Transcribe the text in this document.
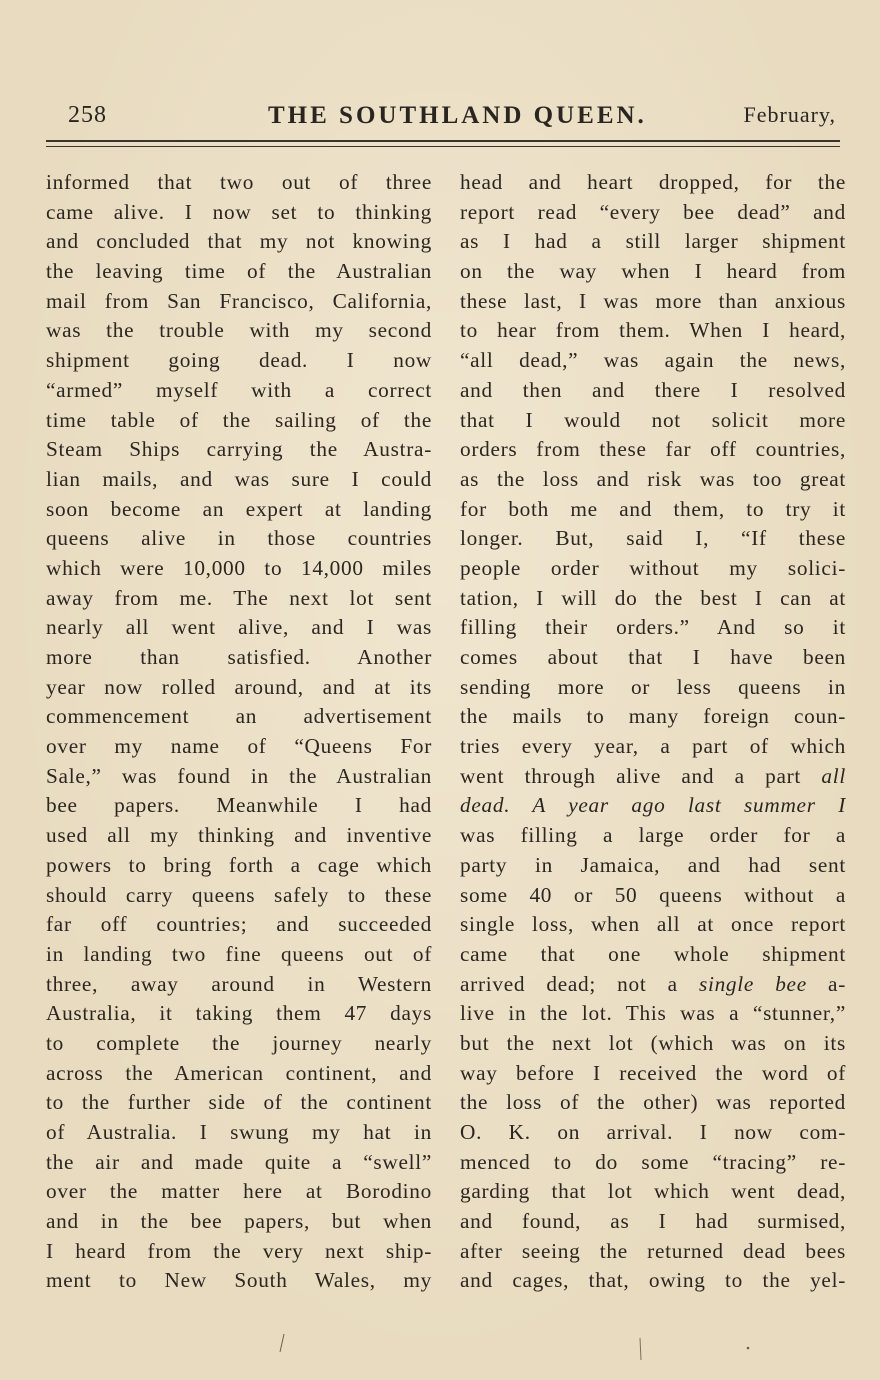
258	THE SOUTHLAND QUEEN.	February,
informed that two out of three
came alive. I now set to thinking
and concluded that my not knowing
the leaving time of the Australian
mail from San Francisco, California,
was the trouble with my second
shipment going dead. I now
“armed” myself with a correct
time table of the sailing of the
Steam Ships carrying the Austra-
lian mails, and was sure I could
soon become an expert at landing
queens alive in those countries
which were 10,000 to 14,000 miles
away from me. The next lot sent
nearly all went alive, and I was
more than satisfied. Another
year now rolled around, and at its
commencement an advertisement
over my name of “Queens For
Sale,” was found in the Australian
bee papers. Meanwhile I had
used all my thinking and inventive
powers to bring forth a cage which
should carry queens safely to these
far off countries; and succeeded
in landing two fine queens out of
three, away around in Western
Australia, it taking them 47 days
to complete the journey nearly
across the American continent, and
to the further side of the continent
of Australia. I swung my hat in
the air and made quite a “swell”
over the matter here at Borodino
and in the bee papers, but when
I heard from the very next ship-
ment to New South Wales, my
head and heart dropped, for the
report read “every bee dead” and
as I had a still larger shipment
on the way when I heard from
these last, I was more than anxious
to hear from them. When I heard,
“all dead,” was again the news,
and then and there I resolved
that I would not solicit more
orders from these far off countries,
as the loss and risk was too great
for both me and them, to try it
longer. But, said I, “If these
people order without my solici-
tation, I will do the best I can at
filling their orders.” And so it
comes about that I have been
sending more or less queens in
the mails to many foreign coun-
tries every year, a part of which
went through alive and a part all
dead. A year ago last summer I
was filling a large order for a
party in Jamaica, and had sent
some 40 or 50 queens without a
single loss, when all at once report
came that one whole shipment
arrived dead; not a single bee a-
live in the lot. This was a “stunner,”
but the next lot (which was on its
way before I received the word of
the loss of the other) was reported
O. K. on arrival. I now com-
menced to do some “tracing” re-
garding that lot which went dead,
and found, as I had surmised,
after seeing the returned dead bees
and cages, that, owing to the yel-
